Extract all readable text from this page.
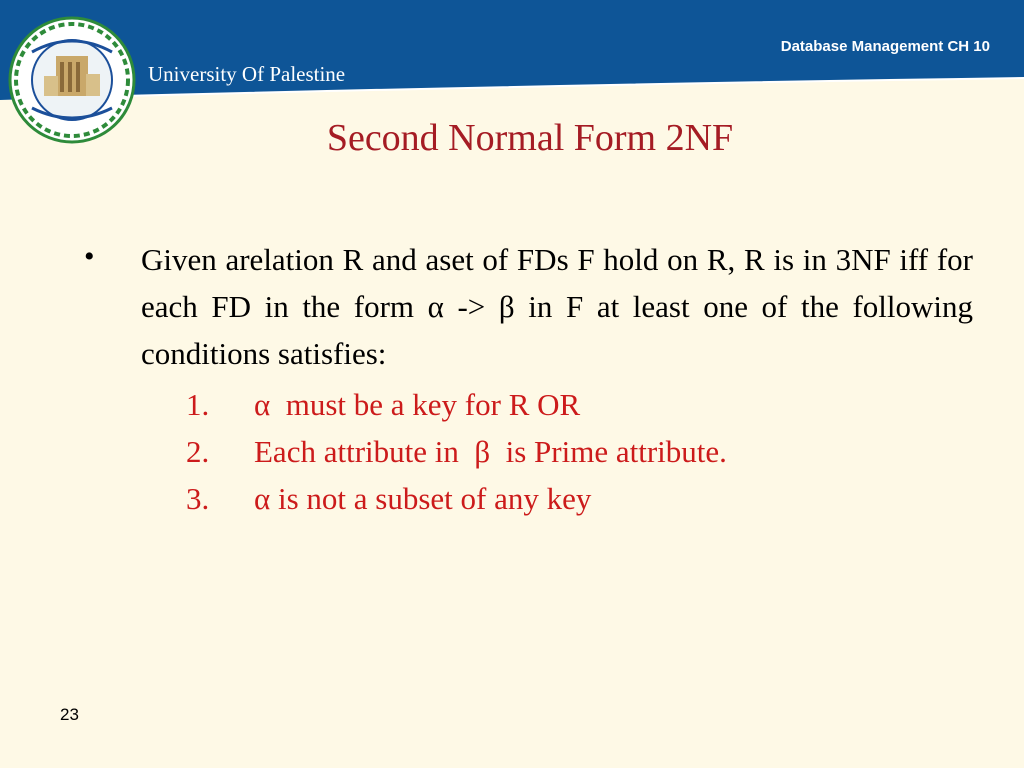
Database Management CH 10
University Of Palestine
Second Normal Form 2NF
• Given arelation R and aset of FDs F hold on R, R is in 3NF iff for each FD in the form α -> β in F at least one of the following conditions satisfies:
1.	α  must be a key for R OR
2.	Each attribute in  β  is Prime attribute.
3.	α is not a subset of any key
23
